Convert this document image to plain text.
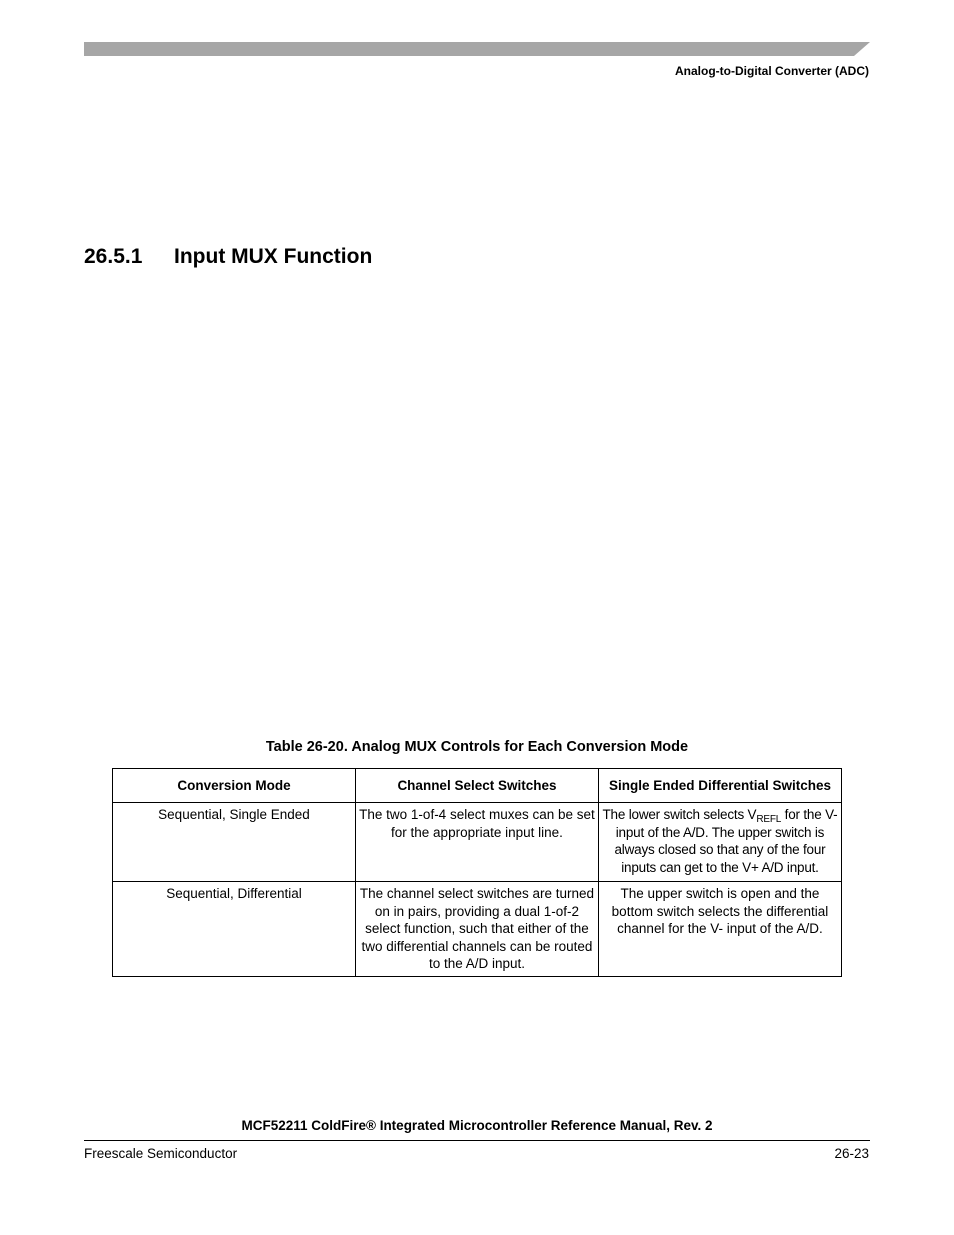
Analog-to-Digital Converter (ADC)

26.5.1	Input MUX Function

Table 26-20. Analog MUX Controls for Each Conversion Mode

Conversion Mode	Channel Select Switches	Single Ended Differential Switches
Sequential, Single Ended	The two 1-of-4 select muxes can be set for the appropriate input line.	The lower switch selects $V_{REFL}$ for the V- input of the A/D. The upper switch is always closed so that any of the four inputs can get to the V+ A/D input.
Sequential, Differential	The channel select switches are turned on in pairs, providing a dual 1-of-2 select function, such that either of the two differential channels can be routed to the A/D input.	The upper switch is open and the bottom switch selects the differential channel for the V- input of the A/D.

MCF52211 ColdFire® Integrated Microcontroller Reference Manual, Rev. 2

Freescale Semiconductor	26-23
